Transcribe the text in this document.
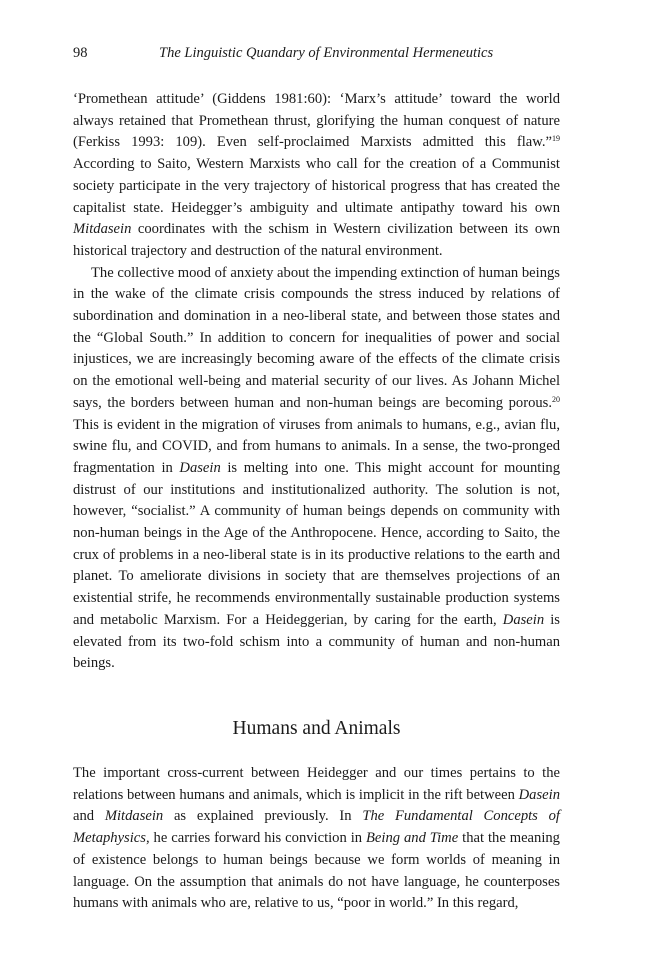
98	The Linguistic Quandary of Environmental Hermeneutics

‘Promethean attitude’ (Giddens 1981:60): ‘Marx’s attitude’ toward the world always retained that Promethean thrust, glorifying the human conquest of nature (Ferkiss 1993: 109). Even self-proclaimed Marxists admitted this flaw.”$^{19}$ According to Saito, Western Marxists who call for the creation of a Communist society participate in the very trajectory of historical progress that has created the capitalist state. Heidegger’s ambiguity and ultimate antipathy toward his own Mitdasein coordinates with the schism in Western civilization between its own historical trajectory and destruction of the natural environment.

The collective mood of anxiety about the impending extinction of human beings in the wake of the climate crisis compounds the stress induced by relations of subordination and domination in a neo-liberal state, and between those states and the “Global South.” In addition to concern for inequalities of power and social injustices, we are increasingly becoming aware of the effects of the climate crisis on the emotional well-being and material security of our lives. As Johann Michel says, the borders between human and non-human beings are becoming porous.$^{20}$ This is evident in the migration of viruses from animals to humans, e.g., avian flu, swine flu, and COVID, and from humans to animals. In a sense, the two-pronged fragmentation in Dasein is melting into one. This might account for mounting distrust of our institutions and institutionalized authority. The solution is not, however, “socialist.” A community of human beings depends on community with non-human beings in the Age of the Anthropocene. Hence, according to Saito, the crux of problems in a neo-liberal state is in its productive relations to the earth and planet. To ameliorate divisions in society that are themselves projections of an existential strife, he recommends environmentally sustainable production systems and metabolic Marxism. For a Heideggerian, by caring for the earth, Dasein is elevated from its two-fold schism into a community of human and non-human beings.

Humans and Animals

The important cross-current between Heidegger and our times pertains to the relations between humans and animals, which is implicit in the rift between Dasein and Mitdasein as explained previously. In The Fundamental Concepts of Metaphysics, he carries forward his conviction in Being and Time that the meaning of existence belongs to human beings because we form worlds of meaning in language. On the assumption that animals do not have language, he counterposes humans with animals who are, relative to us, “poor in world.” In this regard,
